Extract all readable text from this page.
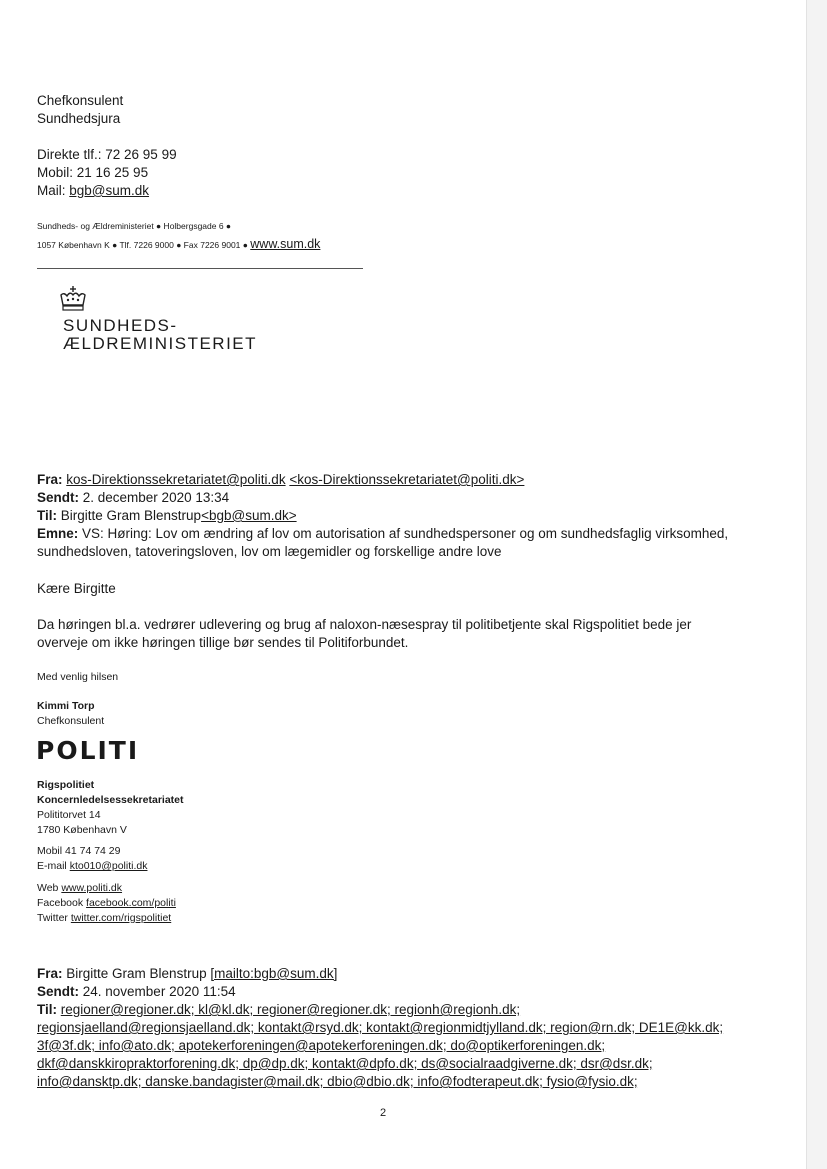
Chefkonsulent
Sundhedsjura
Direkte tlf.: 72 26 95 99
Mobil: 21 16 25 95
Mail: bgb@sum.dk
Sundheds- og Ældreministeriet ● Holbergsgade 6 ●
1057 København K ● Tlf. 7226 9000 ● Fax 7226 9001 ● www.sum.dk
SUNDHEDS-
ÆLDREMINISTERIET
Fra: kos-Direktionssekretariatet@politi.dk <kos-Direktionssekretariatet@politi.dk>
Sendt: 2. december 2020 13:34
Til: Birgitte Gram Blenstrup<bgb@sum.dk>
Emne: VS: Høring: Lov om ændring af lov om autorisation af sundhedspersoner og om sundhedsfaglig virksomhed,
sundhedsloven, tatoveringsloven, lov om lægemidler og forskellige andre love
Kære Birgitte
Da høringen bl.a. vedrører udlevering og brug af naloxon-næsespray til politibetjente skal Rigspolitiet bede jer
overveje om ikke høringen tillige bør sendes til Politiforbundet.
Med venlig hilsen
Kimmi Torp
Chefkonsulent
POLITI
Rigspolitiet
Koncernledelsessekretariatet
Polititorvet 14
1780 København V
Mobil 41 74 74 29
E-mail kto010@politi.dk
Web www.politi.dk
Facebook facebook.com/politi
Twitter twitter.com/rigspolitiet
Fra: Birgitte Gram Blenstrup [mailto:bgb@sum.dk]
Sendt: 24. november 2020 11:54
Til: regioner@regioner.dk; kl@kl.dk; regioner@regioner.dk; regionh@regionh.dk;
regionsjaelland@regionsjaelland.dk; kontakt@rsyd.dk; kontakt@regionmidtjylland.dk; region@rn.dk; DE1E@kk.dk;
3f@3f.dk; info@ato.dk; apotekerforeningen@apotekerforeningen.dk; do@optikerforeningen.dk;
dkf@danskkiropraktorforening.dk; dp@dp.dk; kontakt@dpfo.dk; ds@socialraadgiverne.dk; dsr@dsr.dk;
info@dansktp.dk; danske.bandagister@mail.dk; dbio@dbio.dk; info@fodterapeut.dk; fysio@fysio.dk;
2
